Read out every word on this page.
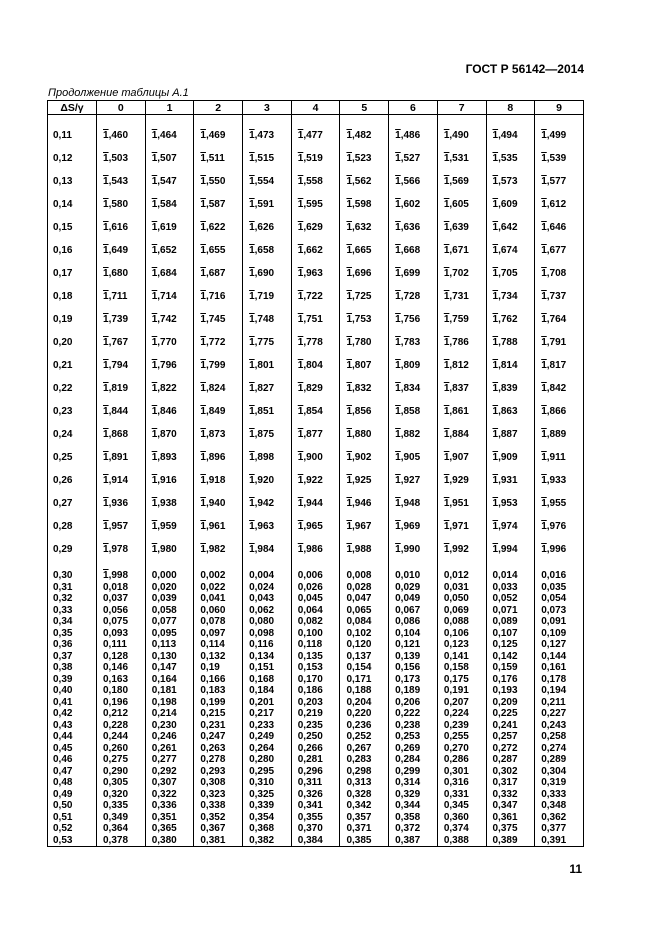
ГОСТ Р 56142—2014
Продолжение таблицы А.1
ΔS/γ	0	1	2	3	4	5	6	7	8	9

0,11	1,460	1,464	1,469	1,473	1,477	1,482	1,486	1,490	1,494	1,499
0,12	1,503	1,507	1,511	1,515	1,519	1,523	1,527	1,531	1,535	1,539
0,13	1,543	1,547	1,550	1,554	1,558	1,562	1,566	1,569	1,573	1,577
0,14	1,580	1,584	1,587	1,591	1,595	1,598	1,602	1,605	1,609	1,612
0,15	1,616	1,619	1,622	1,626	1,629	1,632	1,636	1,639	1,642	1,646
0,16	1,649	1,652	1,655	1,658	1,662	1,665	1,668	1,671	1,674	1,677
0,17	1,680	1,684	1,687	1,690	1,963	1,696	1,699	1,702	1,705	1,708
0,18	1,711	1,714	1,716	1,719	1,722	1,725	1,728	1,731	1,734	1,737
0,19	1,739	1,742	1,745	1,748	1,751	1,753	1,756	1,759	1,762	1,764
0,20	1,767	1,770	1,772	1,775	1,778	1,780	1,783	1,786	1,788	1,791
0,21	1,794	1,796	1,799	1,801	1,804	1,807	1,809	1,812	1,814	1,817
0,22	1,819	1,822	1,824	1,827	1,829	1,832	1,834	1,837	1,839	1,842
0,23	1,844	1,846	1,849	1,851	1,854	1,856	1,858	1,861	1,863	1,866
0,24	1,868	1,870	1,873	1,875	1,877	1,880	1,882	1,884	1,887	1,889
0,25	1,891	1,893	1,896	1,898	1,900	1,902	1,905	1,907	1,909	1,911
0,26	1,914	1,916	1,918	1,920	1,922	1,925	1,927	1,929	1,931	1,933
0,27	1,936	1,938	1,940	1,942	1,944	1,946	1,948	1,951	1,953	1,955
0,28	1,957	1,959	1,961	1,963	1,965	1,967	1,969	1,971	1,974	1,976
0,29	1,978	1,980	1,982	1,984	1,986	1,988	1,990	1,992	1,994	1,996

0,30	1,998	0,000	0,002	0,004	0,006	0,008	0,010	0,012	0,014	0,016
0,31	0,018	0,020	0,022	0,024	0,026	0,028	0,029	0,031	0,033	0,035
0,32	0,037	0,039	0,041	0,043	0,045	0,047	0,049	0,050	0,052	0,054
0,33	0,056	0,058	0,060	0,062	0,064	0,065	0,067	0,069	0,071	0,073
0,34	0,075	0,077	0,078	0,080	0,082	0,084	0,086	0,088	0,089	0,091
0,35	0,093	0,095	0,097	0,098	0,100	0,102	0,104	0,106	0,107	0,109
0,36	0,111	0,113	0,114	0,116	0,118	0,120	0,121	0,123	0,125	0,127
0,37	0,128	0,130	0,132	0,134	0,135	0,137	0,139	0,141	0,142	0,144
0,38	0,146	0,147	0,19	0,151	0,153	0,154	0,156	0,158	0,159	0,161
0,39	0,163	0,164	0,166	0,168	0,170	0,171	0,173	0,175	0,176	0,178
0,40	0,180	0,181	0,183	0,184	0,186	0,188	0,189	0,191	0,193	0,194
0,41	0,196	0,198	0,199	0,201	0,203	0,204	0,206	0,207	0,209	0,211
0,42	0,212	0,214	0,215	0,217	0,219	0,220	0,222	0,224	0,225	0,227
0,43	0,228	0,230	0,231	0,233	0,235	0,236	0,238	0,239	0,241	0,243
0,44	0,244	0,246	0,247	0,249	0,250	0,252	0,253	0,255	0,257	0,258
0,45	0,260	0,261	0,263	0,264	0,266	0,267	0,269	0,270	0,272	0,274
0,46	0,275	0,277	0,278	0,280	0,281	0,283	0,284	0,286	0,287	0,289
0,47	0,290	0,292	0,293	0,295	0,296	0,298	0,299	0,301	0,302	0,304
0,48	0,305	0,307	0,308	0,310	0,311	0,313	0,314	0,316	0,317	0,319
0,49	0,320	0,322	0,323	0,325	0,326	0,328	0,329	0,331	0,332	0,333
0,50	0,335	0,336	0,338	0,339	0,341	0,342	0,344	0,345	0,347	0,348
0,51	0,349	0,351	0,352	0,354	0,355	0,357	0,358	0,360	0,361	0,362
0,52	0,364	0,365	0,367	0,368	0,370	0,371	0,372	0,374	0,375	0,377
0,53	0,378	0,380	0,381	0,382	0,384	0,385	0,387	0,388	0,389	0,391
11
